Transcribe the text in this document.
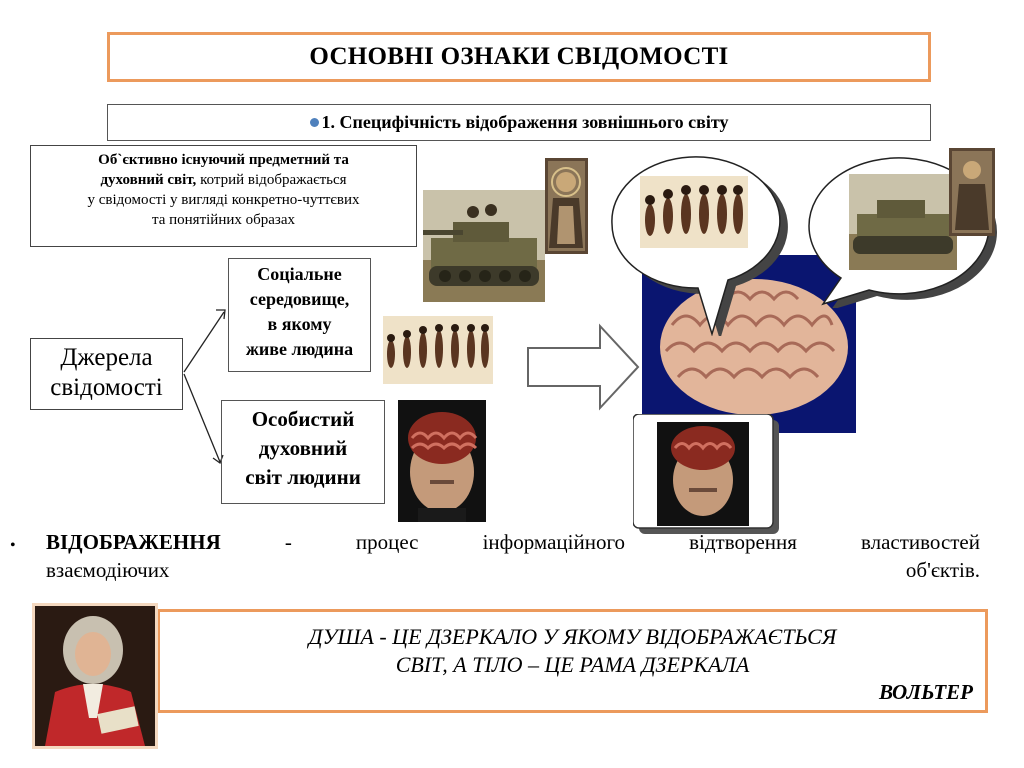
ОСНОВНІ ОЗНАКИ СВІДОМОСТІ
1. Специфічність відображення зовнішнього світу
Об`єктивно існуючий предметний та
духовний світ, котрий відображається
у свідомості у вигляді конкретно-чуттєвих
та понятійних образах
Джерела
свідомості
Соціальне
середовище,
в якому
живе людина
Особистий
духовний
світ людини
•	ВІДОБРАЖЕННЯ	-	процес	інформаційного	відтворення	властивостей
взаємодіючих	об'єктів.
ДУША - ЦЕ ДЗЕРКАЛО У ЯКОМУ ВІДОБРАЖАЄТЬСЯ
СВІТ, А ТІЛО – ЦЕ РАМА ДЗЕРКАЛА
ВОЛЬТЕР
